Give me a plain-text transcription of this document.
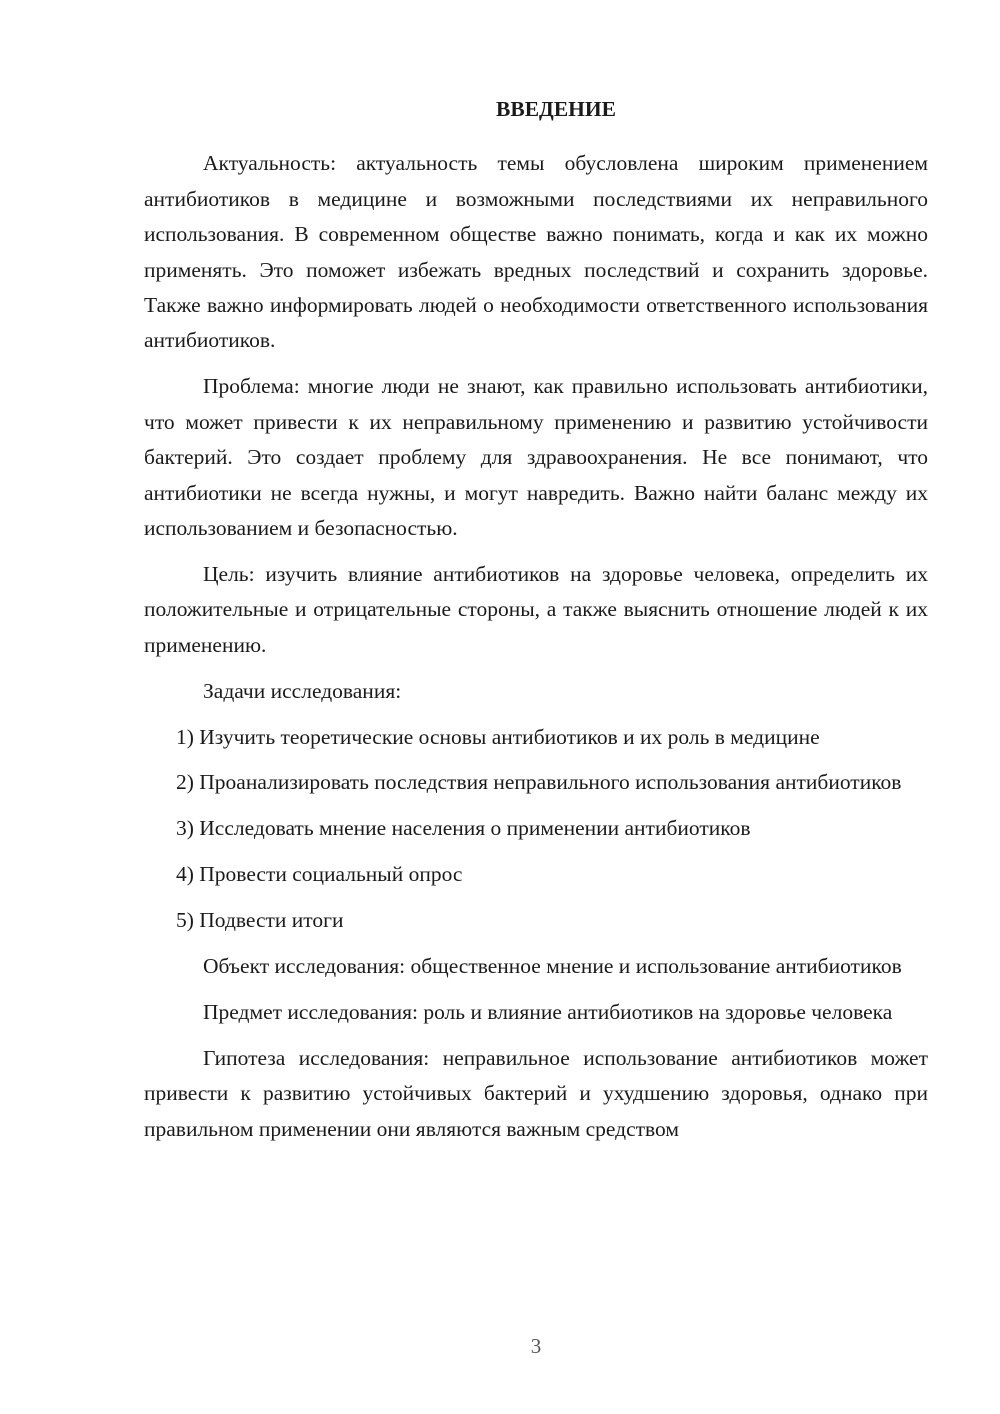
ВВЕДЕНИЕ

Актуальность: актуальность темы обусловлена широким применением антибиотиков в медицине и возможными последствиями их неправильного использования. В современном обществе важно понимать, когда и как их можно применять. Это поможет избежать вредных последствий и сохранить здоровье. Также важно информировать людей о необходимости ответственного использования антибиотиков.

Проблема: многие люди не знают, как правильно использовать антибиотики, что может привести к их неправильному применению и развитию устойчивости бактерий. Это создает проблему для здравоохранения. Не все понимают, что антибиотики не всегда нужны, и могут навредить. Важно найти баланс между их использованием и безопасностью.

Цель: изучить влияние антибиотиков на здоровье человека, определить их положительные и отрицательные стороны, а также выяснить отношение людей к их применению.

Задачи исследования:

1) Изучить теоретические основы антибиотиков и их роль в медицине

2) Проанализировать последствия неправильного использования антибиотиков

3) Исследовать мнение населения о применении антибиотиков

4) Провести социальный опрос

5) Подвести итоги

Объект исследования: общественное мнение и использование антибиотиков

Предмет исследования: роль и влияние антибиотиков на здоровье человека

Гипотеза исследования: неправильное использование антибиотиков может привести к развитию устойчивых бактерий и ухудшению здоровья, однако при правильном применении они являются важным средством

3
